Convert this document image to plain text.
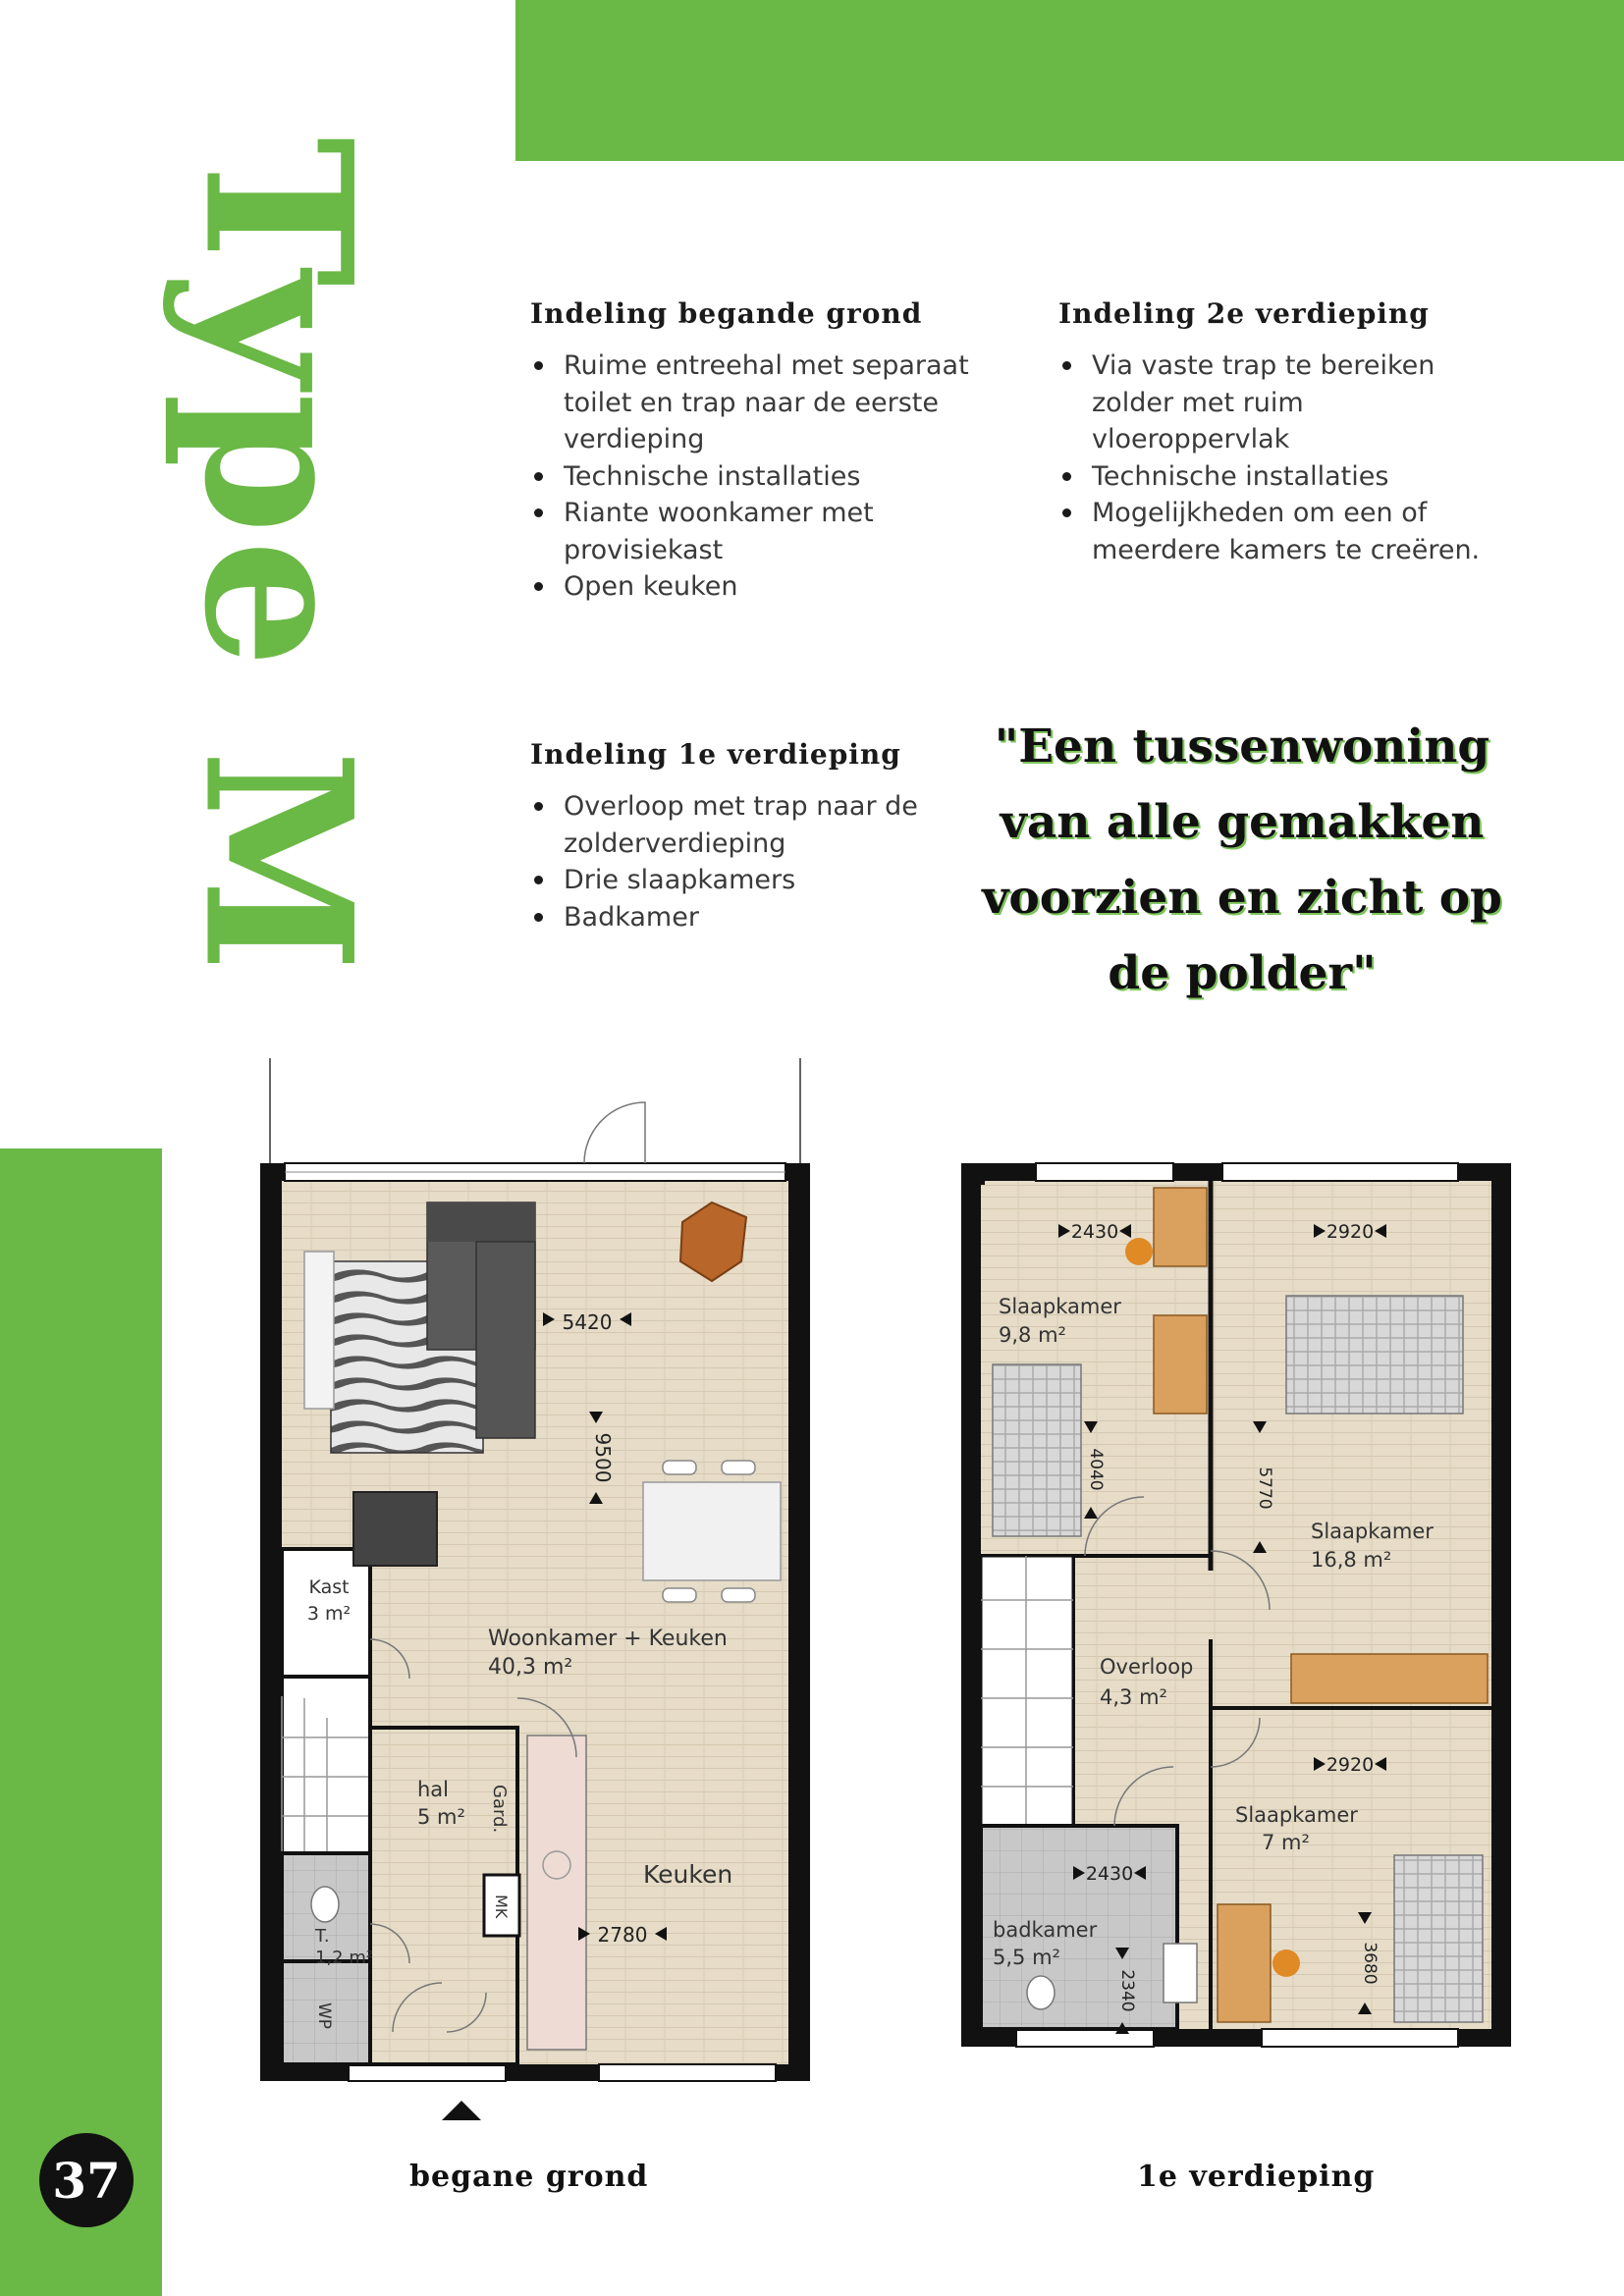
Type M	Indeling begande grond
Ruime entreehal met separaat toilet en trap naar de eerste verdieping
Technische installaties
Riante woonkamer met provisiekast
Open keuken
Indeling 2e verdieping
Via vaste trap te bereiken zolder met ruim vloeroppervlak
Technische installaties
Mogelijkheden om een of meerdere kamers te creëren.
Indeling 1e verdieping
Overloop met trap naar de zolderverdieping
Drie slaapkamers
Badkamer
"Een tussenwoning van alle gemakken voorzien en zicht op de polder"
5420
9500
2780
Kast
3 m²
Woonkamer + Keuken
40,3 m²
hal
5 m² Gard.
Keuken
MK
T.
1,2 m²
WP
begane grond
2430	2920
4040	5770
2920
2430
2340
3680
Slaapkamer
9,8 m²
Slaapkamer
16,8 m²
Overloop
4,3 m²
Slaapkamer
7 m²
badkamer
5,5 m²
1e verdieping
37
